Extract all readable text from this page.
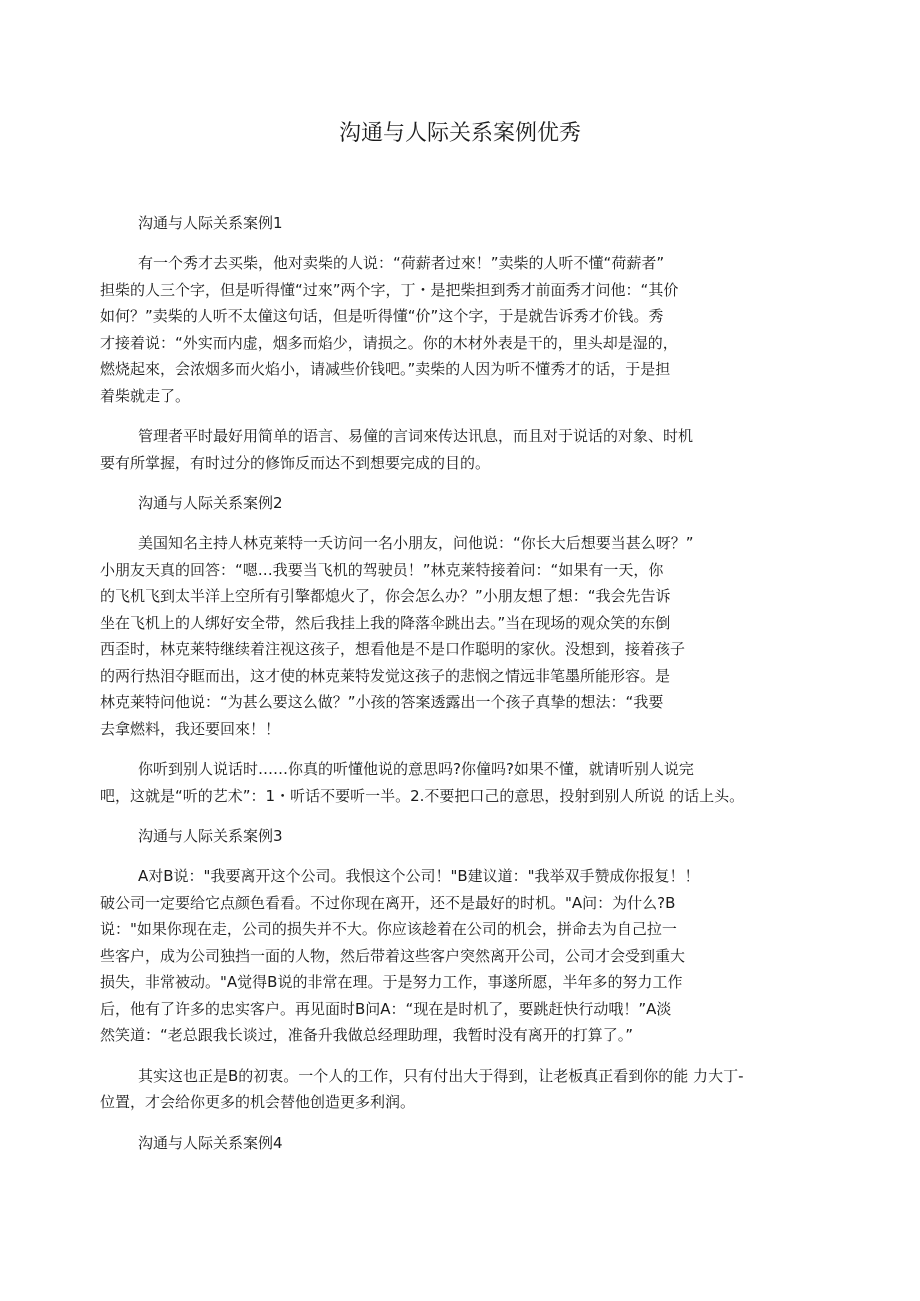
沟通与人际关系案例优秀
沟通与人际关系案例1
有一个秀才去买柴，他对卖柴的人说：“荷薪者过來！”卖柴的人听不懂“荷薪者”
担柴的人三个字，但是听得懂“过來”两个字，丁・是把柴担到秀才前面秀才问他：“其价
如何？”卖柴的人听不太僮这句话，但是听得懂“价”这个字，于是就告诉秀才价钱。秀
才接着说：“外实而内虚，烟多而焰少，请损之。你的木材外表是干的，里头却是湿的，
燃烧起來，会浓烟多而火焰小，请减些价钱吧。”卖柴的人因为听不懂秀才的话，于是担
着柴就走了。
管理者平时最好用简单的语言、易僮的言词來传达讯息，而且对于说话的对象、时机
要有所掌握，有时过分的修饰反而达不到想要完成的目的。
沟通与人际关系案例2
美国知名主持人林克莱特一夭访问一名小朋友，问他说：“你长大后想要当甚么呀？”
小朋友天真的回答：“嗯…我要当飞机的驾驶员！”林克莱特接着问：“如果有一天，你
的飞机飞到太半洋上空所有引擎都熄火了，你会怎么办？”小朋友想了想：“我会先告诉
坐在飞机上的人绑好安全带，然后我挂上我的降落伞跳出去。”当在现场的观众笑的东倒
西歪时，林克莱特继续着注视这孩子，想看他是不是口作聪明的家伙。没想到，接着孩子
的两行热泪夺眶而出，这才使的林克莱特发觉这孩子的悲悯之情远非笔墨所能形容。是
林克莱特问他说：“为甚么要这么做？”小孩的答案透露出一个孩子真挚的想法：“我要
去拿燃料，我还要回來！！
你听到别人说话时……你真的听懂他说的意思吗?你僮吗?如果不懂，就请听别人说完
吧，这就是“听的艺术”：1・听话不要听一半。2.不要把口己的意思，投射到别人所说 的话上头。
沟通与人际关系案例3
A对B说："我要离开这个公司。我恨这个公司！"B建议道："我举双手赞成你报复！！
破公司一定要给它点颜色看看。不过你现在离开，还不是最好的时机。"A问：为什么?B
说："如果你现在走，公司的损失并不大。你应该趁着在公司的机会，拼命去为自己拉一
些客户，成为公司独挡一面的人物，然后带着这些客户突然离开公司，公司才会受到重大
损失，非常被动。"A觉得B说的非常在理。于是努力工作，事遂所愿，半年多的努力工作
后，他有了许多的忠实客户。再见面时B问A：“现在是时机了，要跳赶快行动哦！”A淡
然笑道：“老总跟我长谈过，准备升我做总经理助理，我暂时没有离开的打算了。”
其实这也正是B的初衷。一个人的工作，只有付出大于得到，让老板真正看到你的能 力大丁-
位置，才会给你更多的机会替他创造更多利润。
沟通与人际关系案例4
